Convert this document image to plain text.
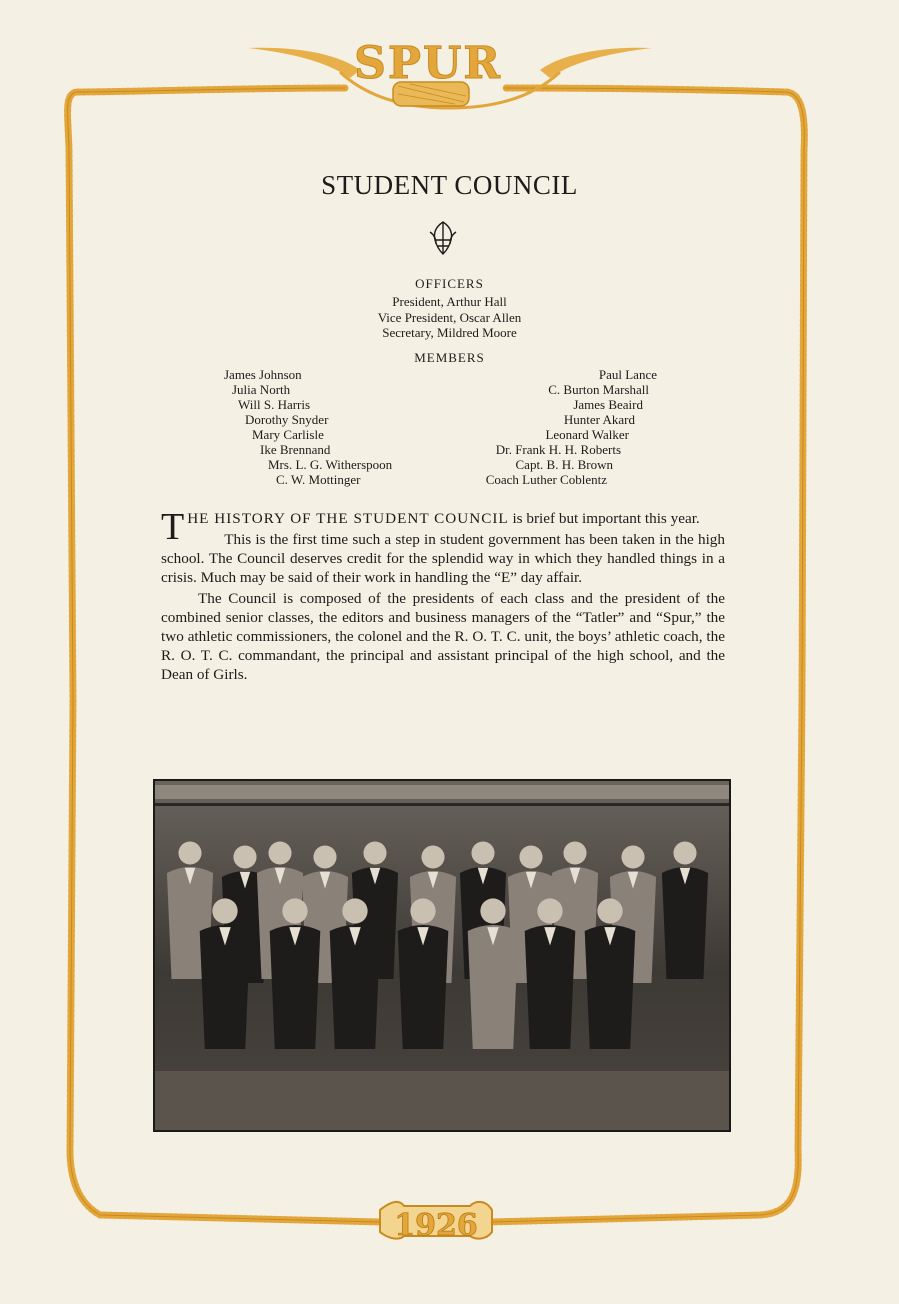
SPUR
1926
STUDENT COUNCIL
OFFICERS
President, Arthur Hall
Vice President, Oscar Allen
Secretary, Mildred Moore
MEMBERS
James Johnson
Julia North
Will S. Harris
Dorothy Snyder
Mary Carlisle
Ike Brennand
Mrs. L. G. Witherspoon
C. W. Mottinger
Paul Lance
C. Burton Marshall
James Beaird
Hunter Akard
Leonard Walker
Dr. Frank H. H. Roberts
Capt. B. H. Brown
Coach Luther Coblentz

THE HISTORY OF THE STUDENT COUNCIL is brief but important this year.

This is the first time such a step in student government has been taken in the high school. The Council deserves credit for the splendid way in which they handled things in a crisis. Much may be said of their work in handling the “E” day affair.

The Council is composed of the presidents of each class and the president of the combined senior classes, the editors and business managers of the “Tatler” and “Spur,” the two athletic commissioners, the colonel and the R. O. T. C. unit, the boys’ athletic coach, the R. O. T. C. commandant, the principal and assistant principal of the high school, and the Dean of Girls.
